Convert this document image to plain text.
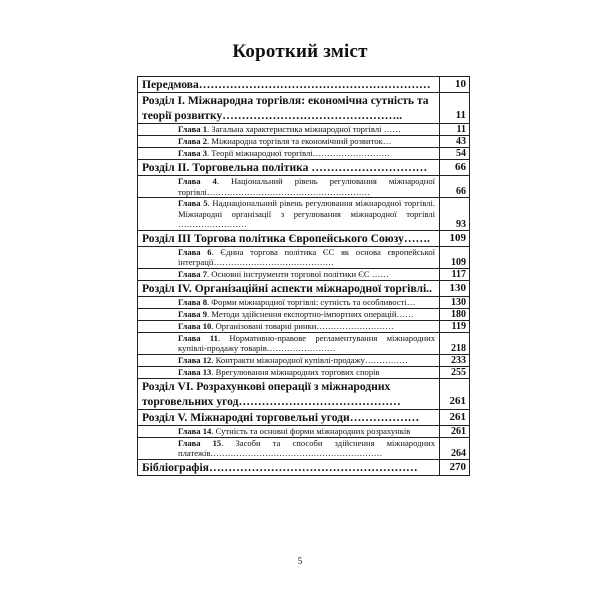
Короткий зміст
Передмова……………………………………………………	10

Розділ І. Міжнародна торгівля: економічна сутність та теорії розвитку………………………………………..	11

Глава 1. Загальна характеристика міжнародної торгівлі ……	11

Глава 2. Міжнародна торгівля та економічний розвиток…	43

Глава 3. Теорії міжнародної торгівлі………………………	54

Розділ ІІ. Торговельна політика …………………………	66

Глава 4. Національний рівень регулювання міжнародної торгівлі…………………………………………………	66

Глава 5. Наднаціональний рівень регулювання міжнародної торгівлі. Міжнародні організації з регулювання міжнародної торгівлі ……………………	93

Розділ ІІІ Торгова політика Європейського Союзу…….	109

Глава 6. Єдина торгова політика ЄС як основа європейської інтеграції……………………………………	109

Глава 7. Основні інструменти торгової політики ЄС ……	117

Розділ IV. Організаційні аспекти міжнародної торгівлі..	130

Глава 8. Форми міжнародної торгівлі: сутність та особливості…	130

Глава 9. Методи здійснення експортно-імпортних операцій……	180

Глава 10. Організовані товарні ринки………………………	119

Глава 11. Нормативно-правове регламентування міжнародних купівлі-продажу товарів……………………	218

Глава 12. Контракти міжнародної купівлі-продажу……………	233

Глава 13. Врегулювання міжнародних торгових спорів	255

Розділ VI. Розрахункові операції з міжнародних торговельних угод……………………………………	261

Розділ V. Міжнародні торговельні угоди………………	261

Глава 14. Сутність та основні форми міжнародних розрахунків	261

Глава 15. Засоби та способи здійснення міжнародних платежів……………………………………………………	264

Бібліографія………………………………………………	270
5
